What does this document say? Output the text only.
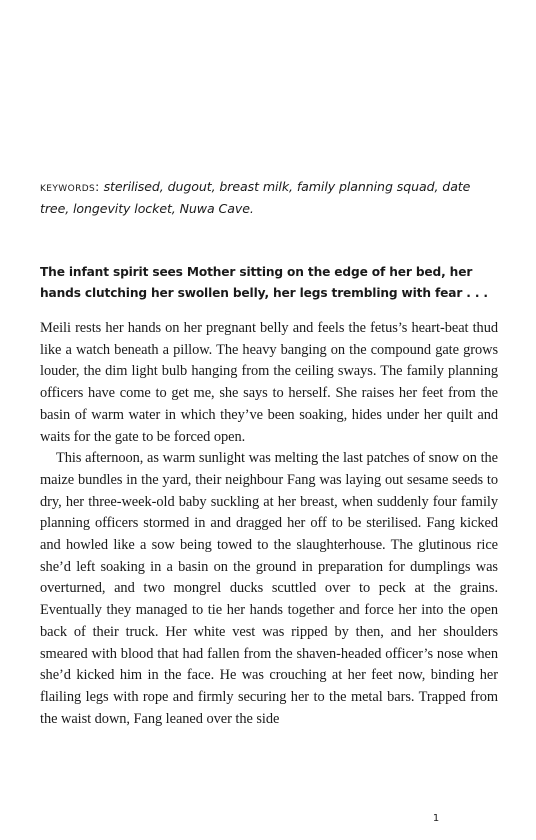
keywords: sterilised, dugout, breast milk, family planning squad, date tree, longevity locket, Nuwa Cave.
The infant spirit sees Mother sitting on the edge of her bed, her hands clutching her swollen belly, her legs trembling with fear . . .

Meili rests her hands on her pregnant belly and feels the fetus’s heart-beat thud like a watch beneath a pillow. The heavy banging on the compound gate grows louder, the dim light bulb hanging from the ceiling sways. The family planning officers have come to get me, she says to herself. She raises her feet from the basin of warm water in which they’ve been soaking, hides under her quilt and waits for the gate to be forced open.

This afternoon, as warm sunlight was melting the last patches of snow on the maize bundles in the yard, their neighbour Fang was laying out sesame seeds to dry, her three-week-old baby suckling at her breast, when suddenly four family planning officers stormed in and dragged her off to be sterilised. Fang kicked and howled like a sow being towed to the slaughterhouse. The glutinous rice she’d left soaking in a basin on the ground in preparation for dumplings was overturned, and two mongrel ducks scuttled over to peck at the grains. Eventually they managed to tie her hands together and force her into the open back of their truck. Her white vest was ripped by then, and her shoulders smeared with blood that had fallen from the shaven-headed officer’s nose when she’d kicked him in the face. He was crouching at her feet now, binding her flailing legs with rope and firmly securing her to the metal bars. Trapped from the waist down, Fang leaned over the side

1
